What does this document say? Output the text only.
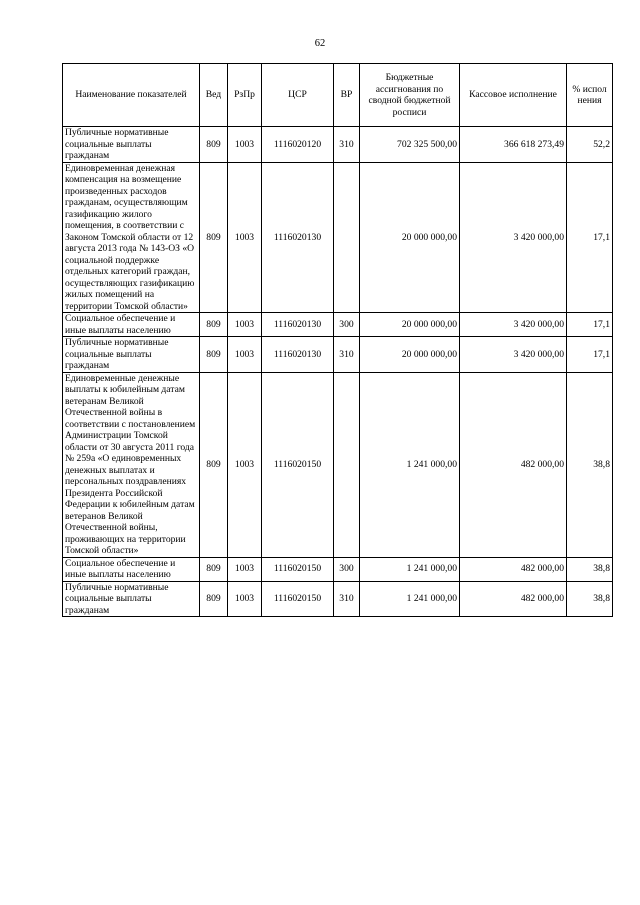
62
Наименование показателей	Вед	РзПр	ЦСР	ВР	Бюджетные ассигнования по сводной бюджетной росписи	Кассовое исполнение	% испол нения
Публичные нормативные социальные выплаты гражданам	809	1003	1116020120	310	702 325 500,00	366 618 273,49	52,2
Единовременная денежная компенсация на возмещение произведенных расходов гражданам, осуществляющим газификацию жилого помещения, в соответствии с Законом Томской области от 12 августа 2013 года № 143-ОЗ «О социальной поддержке отдельных категорий граждан, осуществляющих газификацию жилых помещений на территории Томской области»	809	1003	1116020130		20 000 000,00	3 420 000,00	17,1
Социальное обеспечение и иные выплаты населению	809	1003	1116020130	300	20 000 000,00	3 420 000,00	17,1
Публичные нормативные социальные выплаты гражданам	809	1003	1116020130	310	20 000 000,00	3 420 000,00	17,1
Единовременные денежные выплаты к юбилейным датам ветеранам Великой Отечественной войны в соответствии с постановлением Администрации Томской области от 30 августа 2011 года № 259а «О единовременных денежных выплатах и персональных поздравлениях Президента Российской Федерации к юбилейным датам ветеранов Великой Отечественной войны, проживающих на территории Томской области»	809	1003	1116020150		1 241 000,00	482 000,00	38,8
Социальное обеспечение и иные выплаты населению	809	1003	1116020150	300	1 241 000,00	482 000,00	38,8
Публичные нормативные социальные выплаты гражданам	809	1003	1116020150	310	1 241 000,00	482 000,00	38,8
